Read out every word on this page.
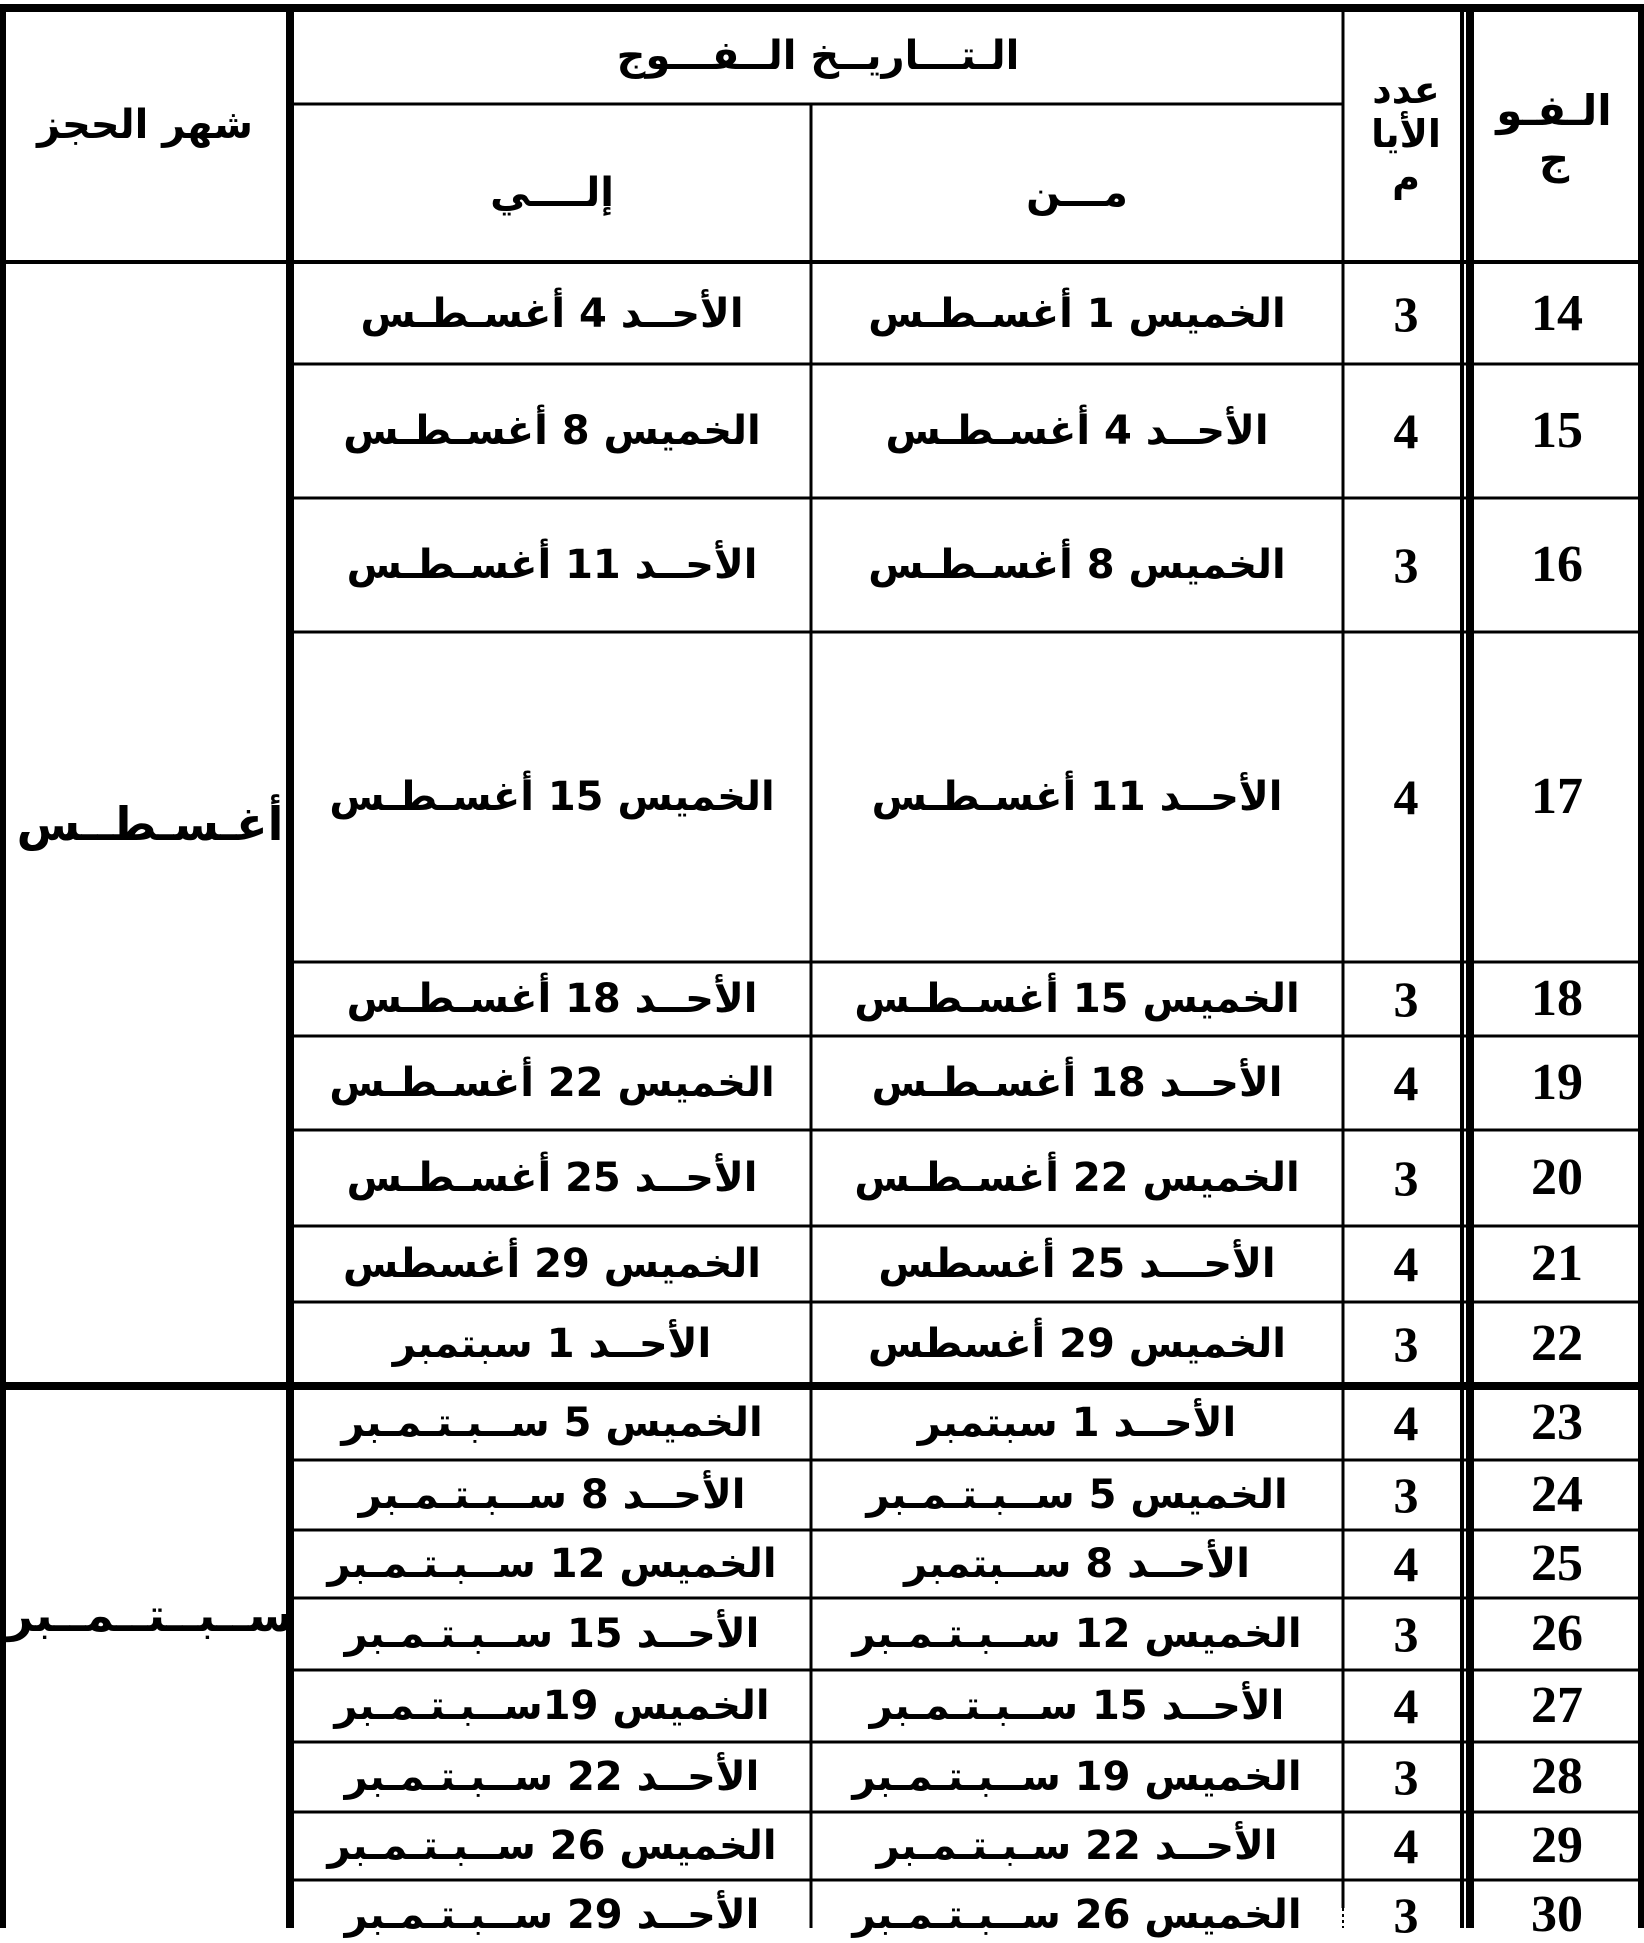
الـفـو ج
عدد الأيا م
الـتـــاريــخ الــفـــوج
مـــن
إلــــي
شهر الحجز
أغـسـطــس
ســبــتــمــبر
14
3
الخميس 1 أغسـطـس
الأحــد 4 أغسـطـس
15
4
الأحــد 4 أغسـطـس
الخميس 8 أغسـطـس
16
3
الخميس 8 أغسـطـس
الأحــد 11 أغسـطـس
17
4
الأحــد 11 أغسـطـس
الخميس 15 أغسـطـس
18
3
الخميس 15 أغسـطـس
الأحــد 18 أغسـطـس
19
4
الأحــد 18 أغسـطـس
الخميس 22 أغسـطـس
20
3
الخميس 22 أغسـطـس
الأحــد 25 أغسـطـس
21
4
الأحـــد 25 أغسطس
الخميس 29 أغسطس
22
3
الخميس 29 أغسطس
الأحــد 1 سبتمبر
23
4
الأحــد 1 سبتمبر
الخميس 5 ســبـتـمـبر
24
3
الخميس 5 ســبـتـمـبر
الأحــد 8 ســبـتـمـبر
25
4
الأحــد 8 ســبتمبر
الخميس 12 ســبـتـمـبر
26
3
الخميس 12 ســبـتـمـبر
الأحــد 15 ســبـتـمـبر
27
4
الأحــد 15 ســبـتـمـبر
الخميس 19ســبـتـمـبر
28
3
الخميس 19 ســبـتـمـبر
الأحــد 22 ســبـتـمـبر
29
4
الأحــد 22 سـبـتـمـبر
الخميس 26 ســبـتـمـبر
30
3
الخميس 26 ســبـتـمـبر
الأحــد 29 ســبـتـمـبر
